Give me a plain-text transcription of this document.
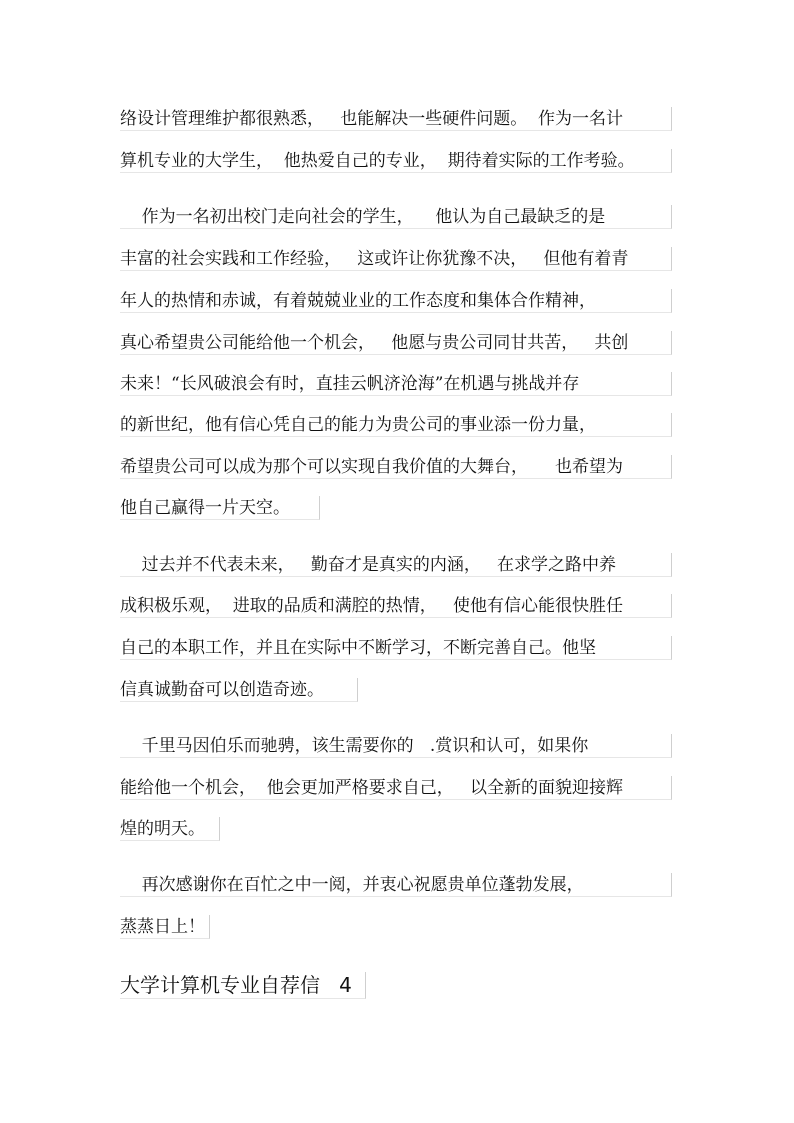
络设计管理维护都很熟悉，   也能解决一些硬件问题。  作为一名计
算机专业的大学生，  他热爱自己的专业，  期待着实际的工作考验。
作为一名初出校门走向社会的学生，    他认为自己最缺乏的是
丰富的社会实践和工作经验，   这或许让你犹豫不决，   但他有着青
年人的热情和赤诚，有着兢兢业业的工作态度和集体合作精神，
真心希望贵公司能给他一个机会，   他愿与贵公司同甘共苦，   共创
未来！“长风破浪会有时，直挂云帆济沧海”在机遇与挑战并存
的新世纪，他有信心凭自己的能力为贵公司的事业添一份力量，
希望贵公司可以成为那个可以实现自我价值的大舞台，     也希望为
他自己赢得一片天空。
过去并不代表未来，   勤奋才是真实的内涵，   在求学之路中养
成积极乐观，  进取的品质和满腔的热情，   使他有信心能很快胜任
自己的本职工作，并且在实际中不断学习，不断完善自己。他坚
信真诚勤奋可以创造奇迹。
千里马因伯乐而驰骋，该生需要你的   .赏识和认可，如果你
能给他一个机会，  他会更加严格要求自己，   以全新的面貌迎接辉
煌的明天。
再次感谢你在百忙之中一阅，并衷心祝愿贵单位蓬勃发展，
蒸蒸日上！
大学计算机专业自荐信   4
